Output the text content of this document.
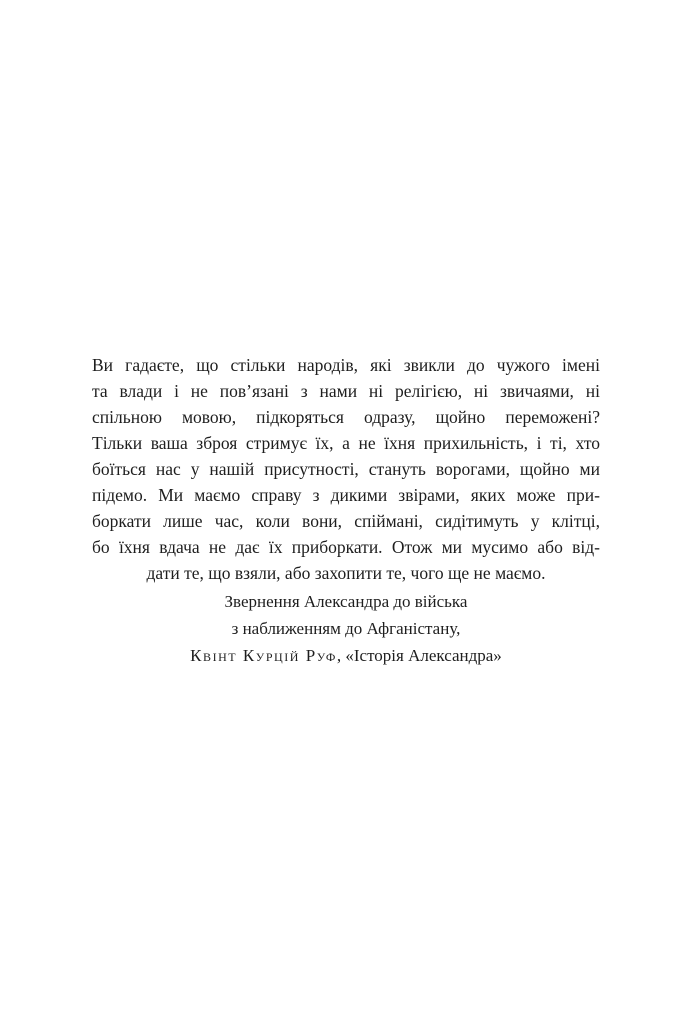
Ви гадаєте, що стільки народів, які звикли до чужого імені
та влади і не пов’язані з нами ні релігією, ні звичаями, ні
спільною мовою, підкоряться одразу, щойно переможені?
Тільки ваша зброя стримує їх, а не їхня прихильність, і ті, хто
боїться нас у нашій присутності, стануть ворогами, щойно ми
підемо. Ми маємо справу з дикими звірами, яких може при-
боркати лише час, коли вони, спіймані, сидітимуть у клітці,
бо їхня вдача не дає їх приборкати. Отож ми мусимо або від-
дати те, що взяли, або захопити те, чого ще не маємо.
Звернення Александра до війська
з наближенням до Афганістану,
Квінт Курцій Руф, «Історія Александра»
